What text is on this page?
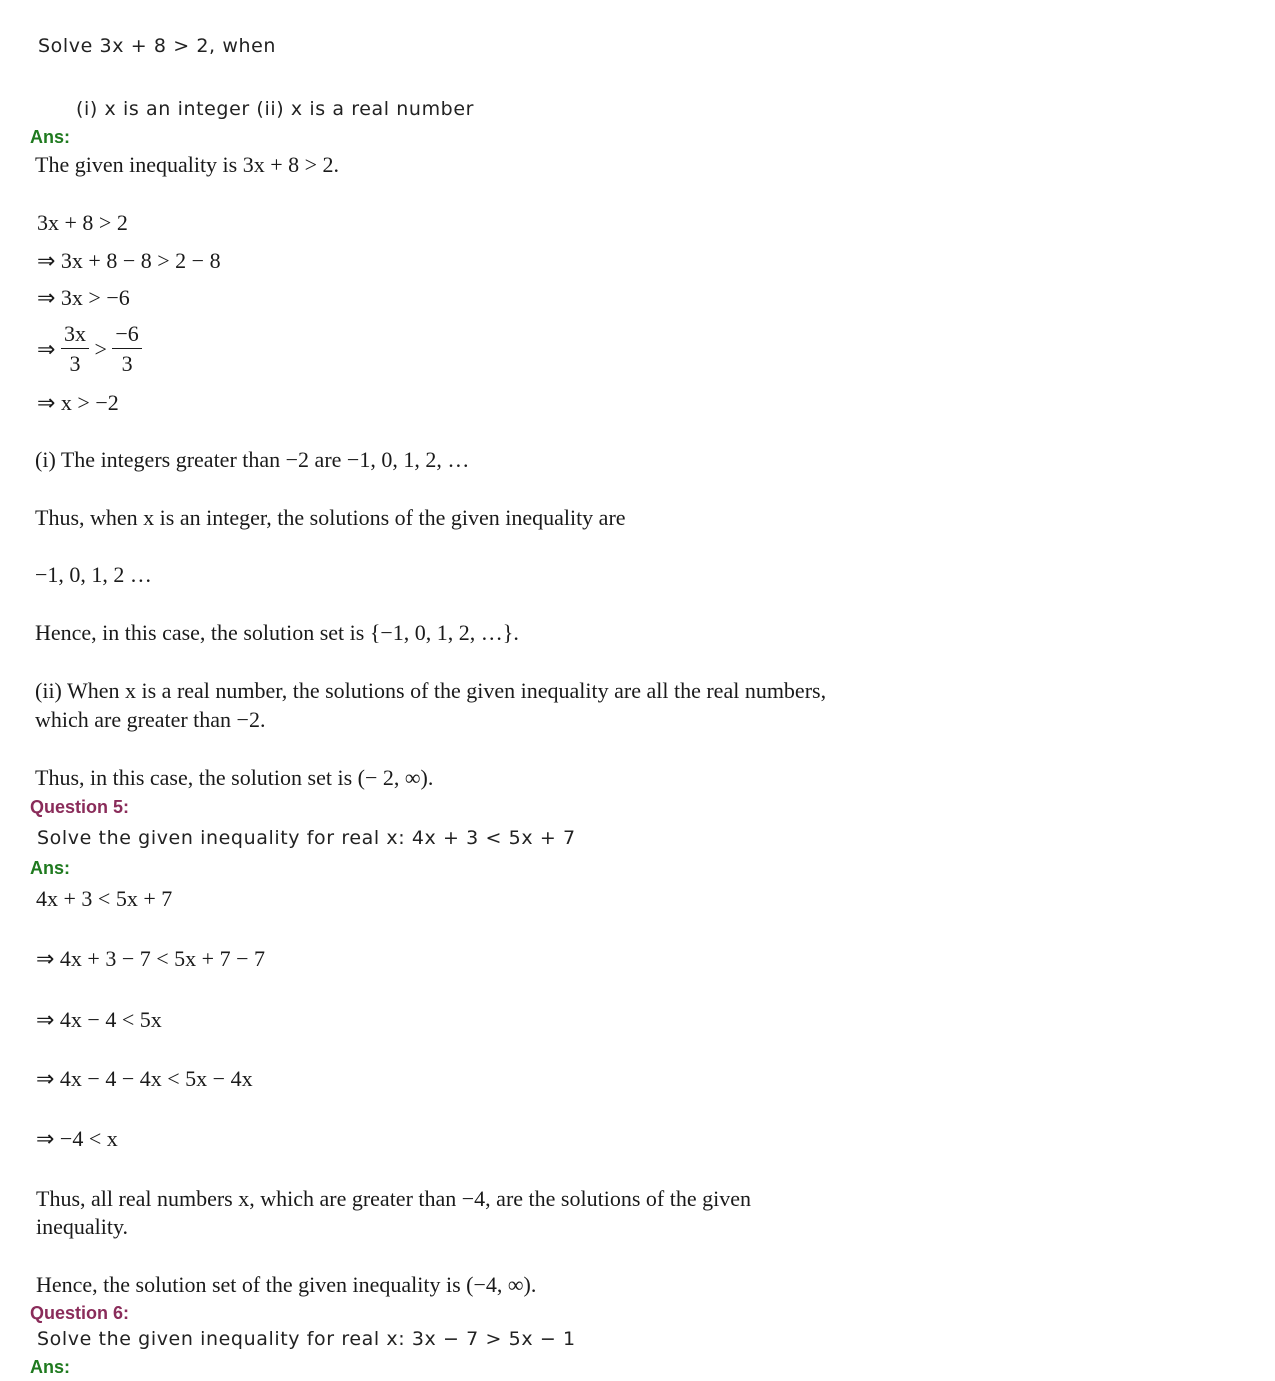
Solve 3x + 8 > 2, when
(i) x is an integer (ii) x is a real number
Ans:
The given inequality is 3x + 8 > 2.
3x + 8 > 2
⇒ 3x + 8 − 8 > 2 − 8
⇒ 3x > −6
⇒ $\frac{3x}{3} > \frac{-6}{3}$
⇒ x > −2
(i) The integers greater than −2 are −1, 0, 1, 2, …
Thus, when x is an integer, the solutions of the given inequality are
−1, 0, 1, 2 …
Hence, in this case, the solution set is {−1, 0, 1, 2, …}.
(ii) When x is a real number, the solutions of the given inequality are all the real numbers,
which are greater than −2.
Thus, in this case, the solution set is (− 2, ∞).
Question 5:
Solve the given inequality for real x: 4x + 3 < 5x + 7
Ans:
4x + 3 < 5x + 7
⇒ 4x + 3 − 7 < 5x + 7 − 7
⇒ 4x − 4 < 5x
⇒ 4x − 4 − 4x < 5x − 4x
⇒ −4 < x
Thus, all real numbers x, which are greater than −4, are the solutions of the given
inequality.
Hence, the solution set of the given inequality is (−4, ∞).
Question 6:
Solve the given inequality for real x: 3x − 7 > 5x − 1
Ans:
